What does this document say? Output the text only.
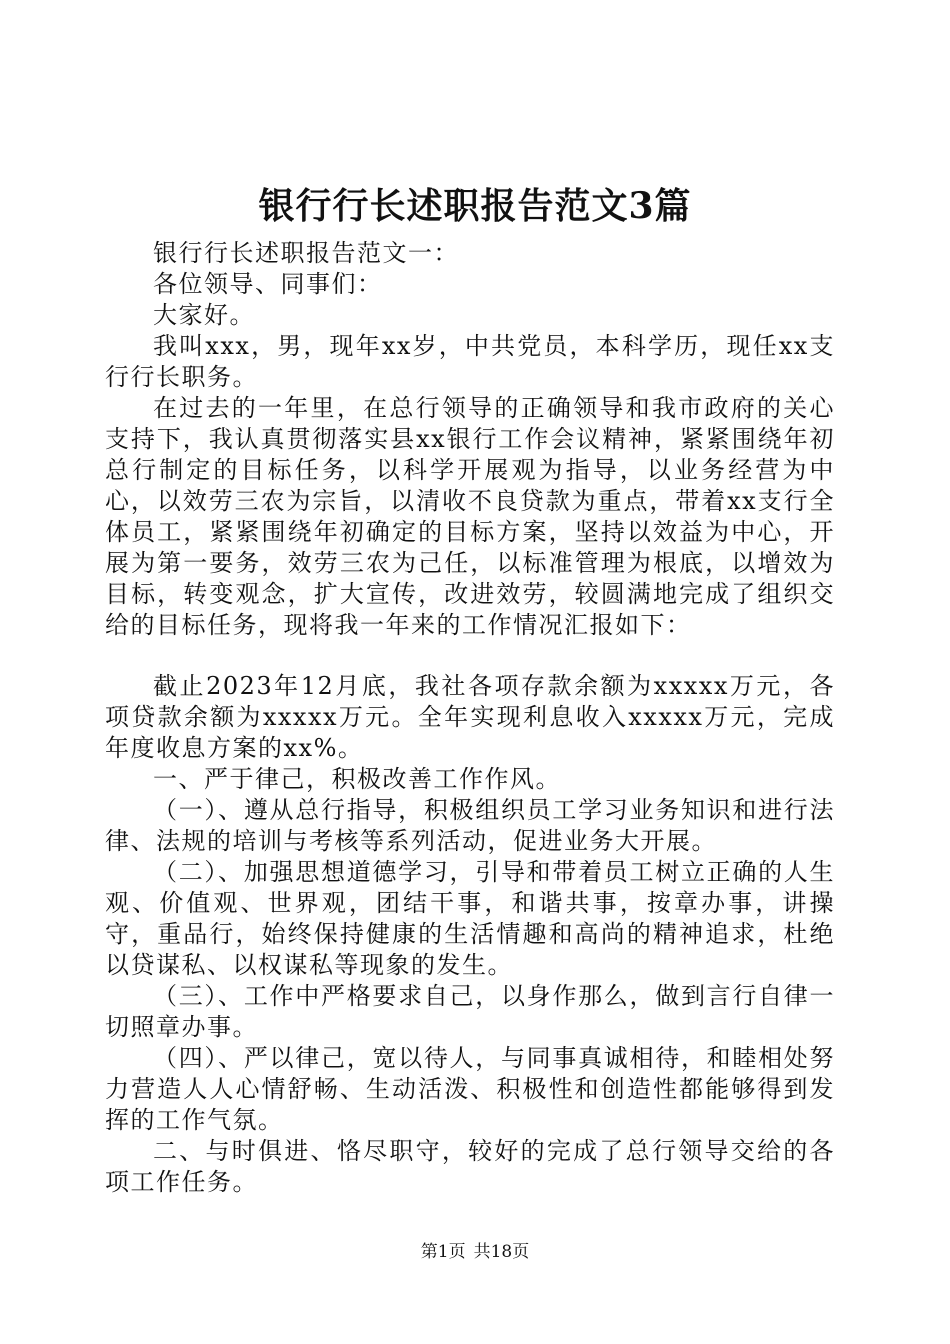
银行行长述职报告范文3篇

银行行长述职报告范文一：

各位领导、同事们：

大家好。

我叫xxx，男，现年xx岁，中共党员，本科学历，现任xx支行行长职务。

在过去的一年里，在总行领导的正确领导和我市政府的关心支持下，我认真贯彻落实县xx银行工作会议精神，紧紧围绕年初总行制定的目标任务，以科学开展观为指导，以业务经营为中心，以效劳三农为宗旨，以清收不良贷款为重点，带着xx支行全体员工，紧紧围绕年初确定的目标方案，坚持以效益为中心，开展为第一要务，效劳三农为己任，以标准管理为根底，以增效为目标，转变观念，扩大宣传，改进效劳，较圆满地完成了组织交给的目标任务，现将我一年来的工作情况汇报如下：

截止2023年12月底，我社各项存款余额为xxxxx万元，各项贷款余额为xxxxx万元。全年实现利息收入xxxxx万元，完成年度收息方案的xx%。

一、严于律己，积极改善工作作风。

（一）、遵从总行指导，积极组织员工学习业务知识和进行法律、法规的培训与考核等系列活动，促进业务大开展。

（二）、加强思想道德学习，引导和带着员工树立正确的人生观、价值观、世界观，团结干事，和谐共事，按章办事，讲操守，重品行，始终保持健康的生活情趣和高尚的精神追求，杜绝以贷谋私、以权谋私等现象的发生。

（三）、工作中严格要求自己，以身作那么，做到言行自律一切照章办事。

（四）、严以律己，宽以待人，与同事真诚相待，和睦相处努力营造人人心情舒畅、生动活泼、积极性和创造性都能够得到发挥的工作气氛。

二、与时俱进、恪尽职守，较好的完成了总行领导交给的各项工作任务。

第1页 共18页
